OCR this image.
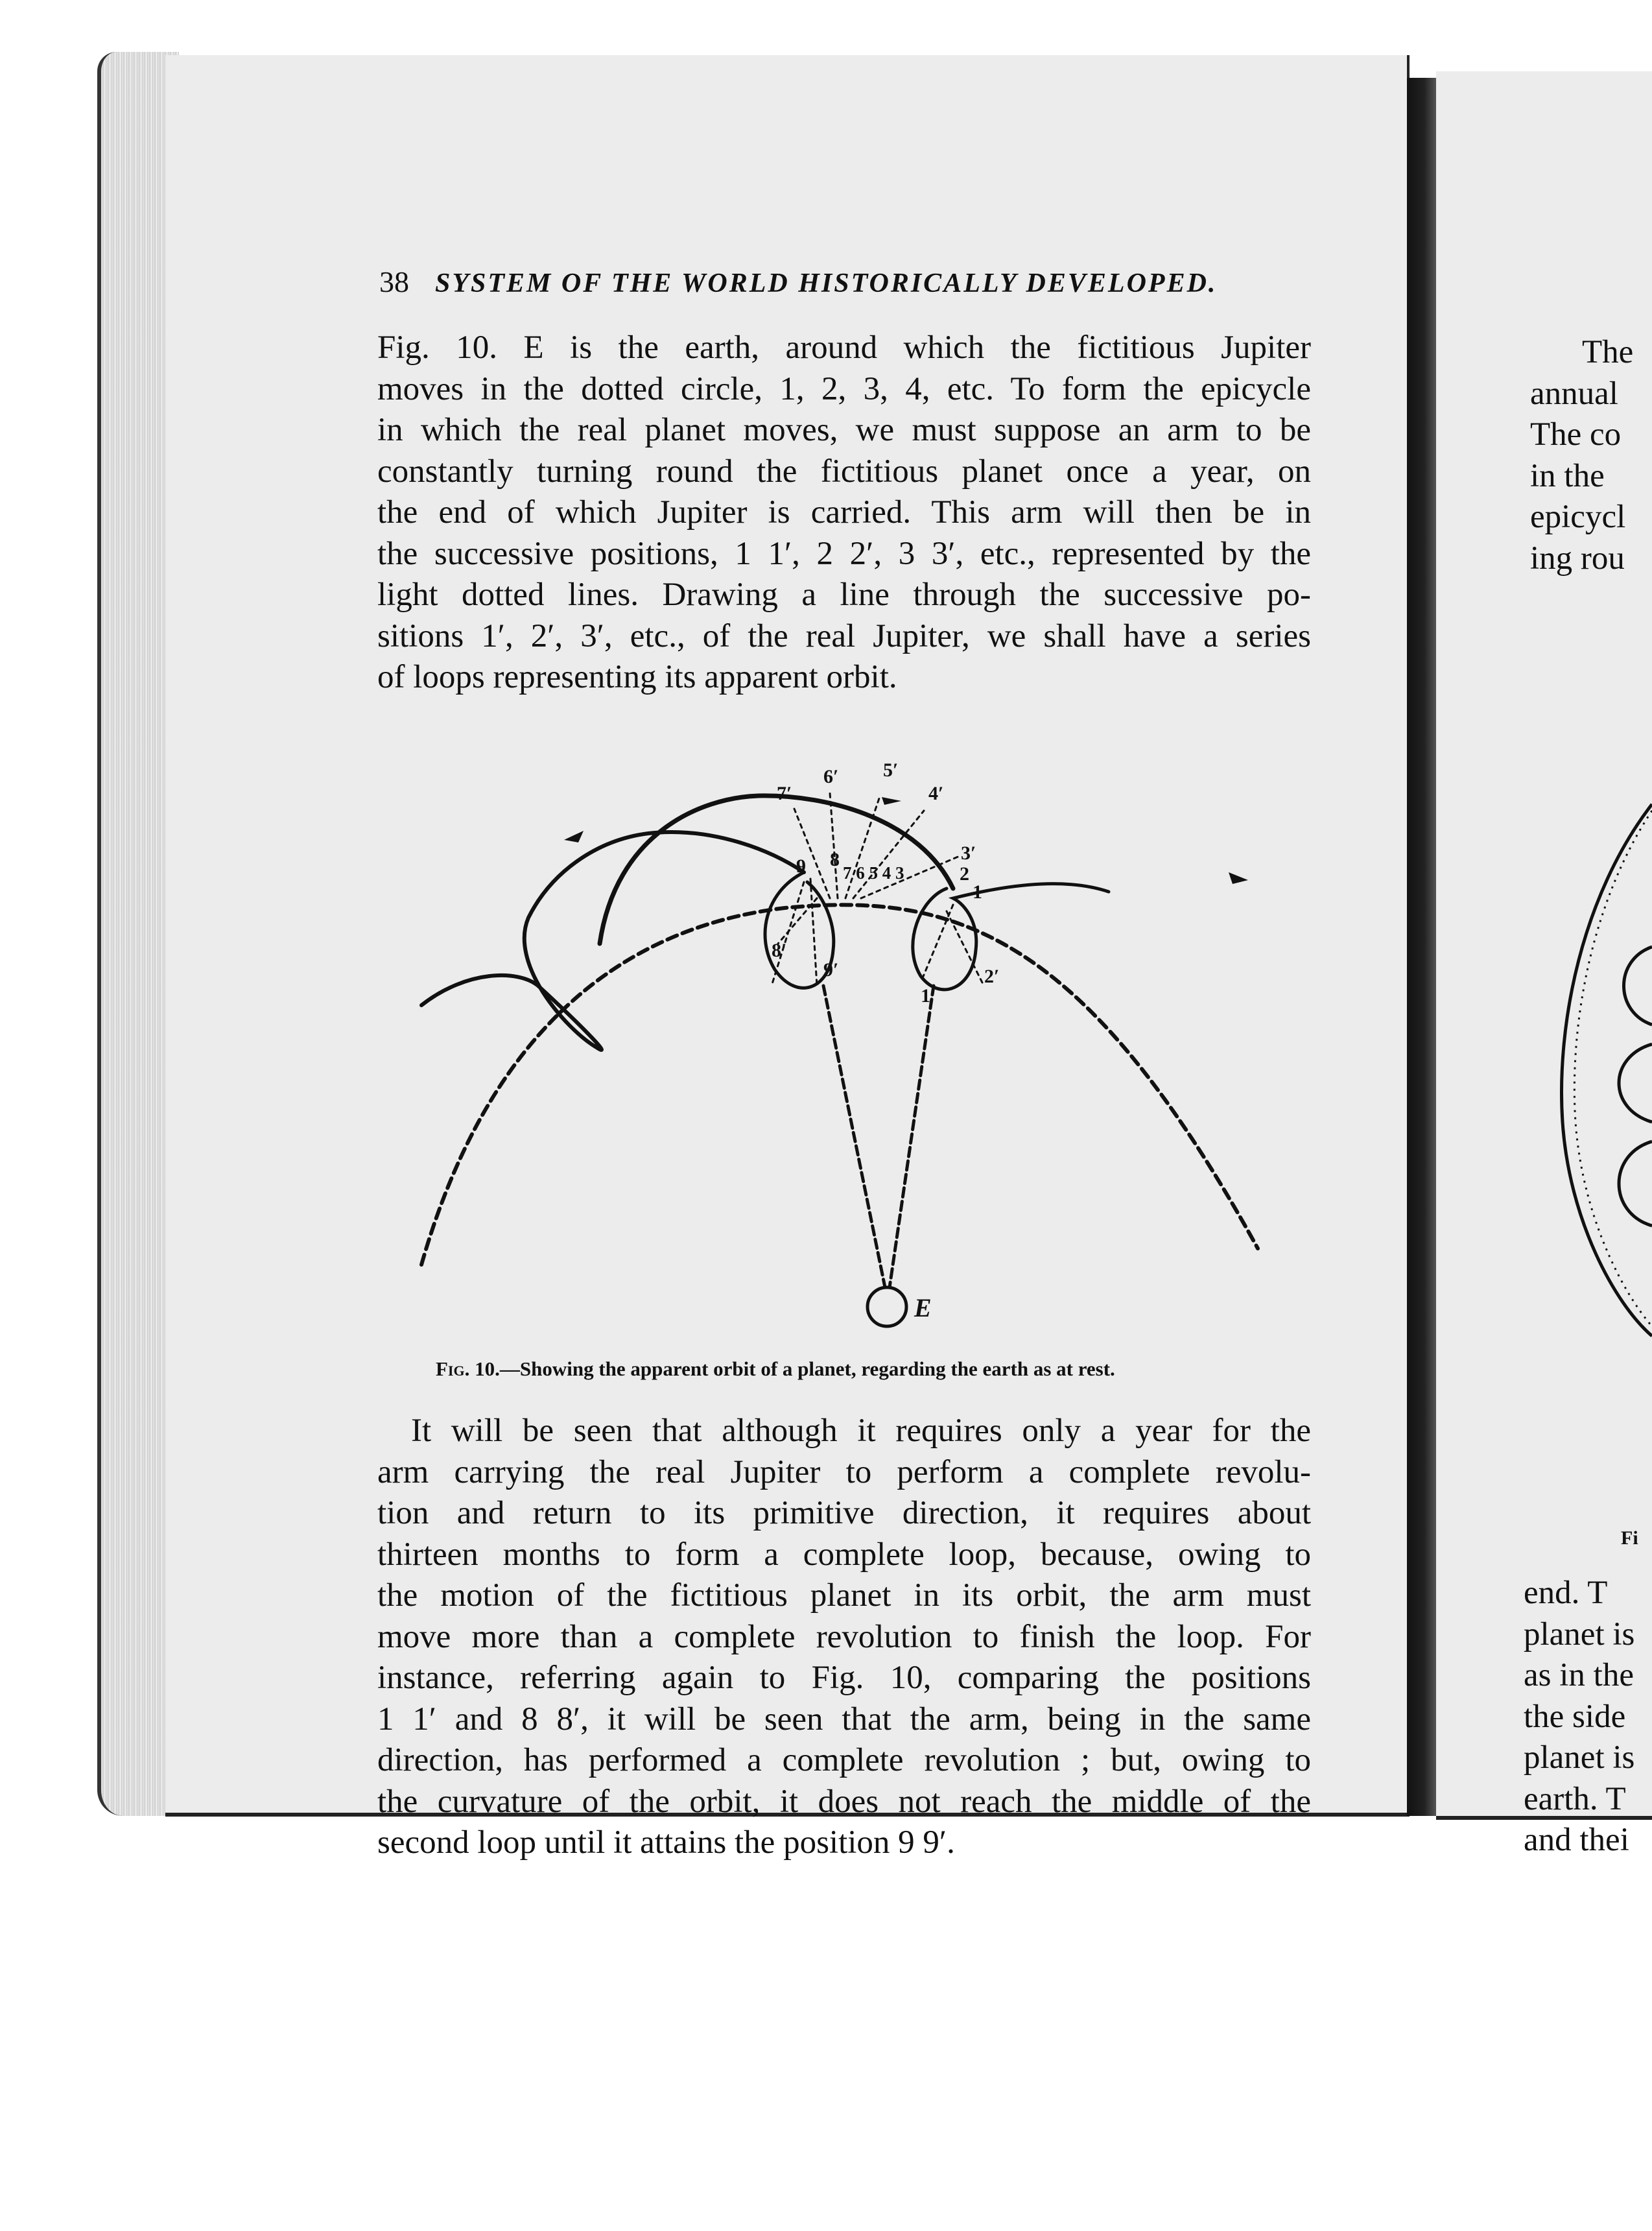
38 SYSTEM OF THE WORLD HISTORICALLY DEVELOPED.
Fig. 10. E is the earth, around which the fictitious Jupiter
moves in the dotted circle, 1, 2, 3, 4, etc. To form the epicycle
in which the real planet moves, we must suppose an arm to be
constantly turning round the fictitious planet once a year, on
the end of which Jupiter is carried. This arm will then be in
the successive positions, 1 1′, 2 2′, 3 3′, etc., represented by the
light dotted lines. Drawing a line through the successive po-
sitions 1′, 2′, 3′, etc., of the real Jupiter, we shall have a series
of loops representing its apparent orbit.
7′
6′ 5′
4′
3′
7 6 5 4 3
9 8
8′
9′
2
1
2′
1′
E
Fig. 10.—Showing the apparent orbit of a planet, regarding the earth as at rest.
It will be seen that although it requires only a year for the
arm carrying the real Jupiter to perform a complete revolu-
tion and return to its primitive direction, it requires about
thirteen months to form a complete loop, because, owing to
the motion of the fictitious planet in its orbit, the arm must
move more than a complete revolution to finish the loop. For
instance, referring again to Fig. 10, comparing the positions
1 1′ and 8 8′, it will be seen that the arm, being in the same
direction, has performed a complete revolution ; but, owing to
the curvature of the orbit, it does not reach the middle of the
second loop until it attains the position 9 9′.
The
annual
The co
in the
epicycl
ing rou
Fi
end. T
planet is
as in the
the side
planet is
earth. T
and thei
